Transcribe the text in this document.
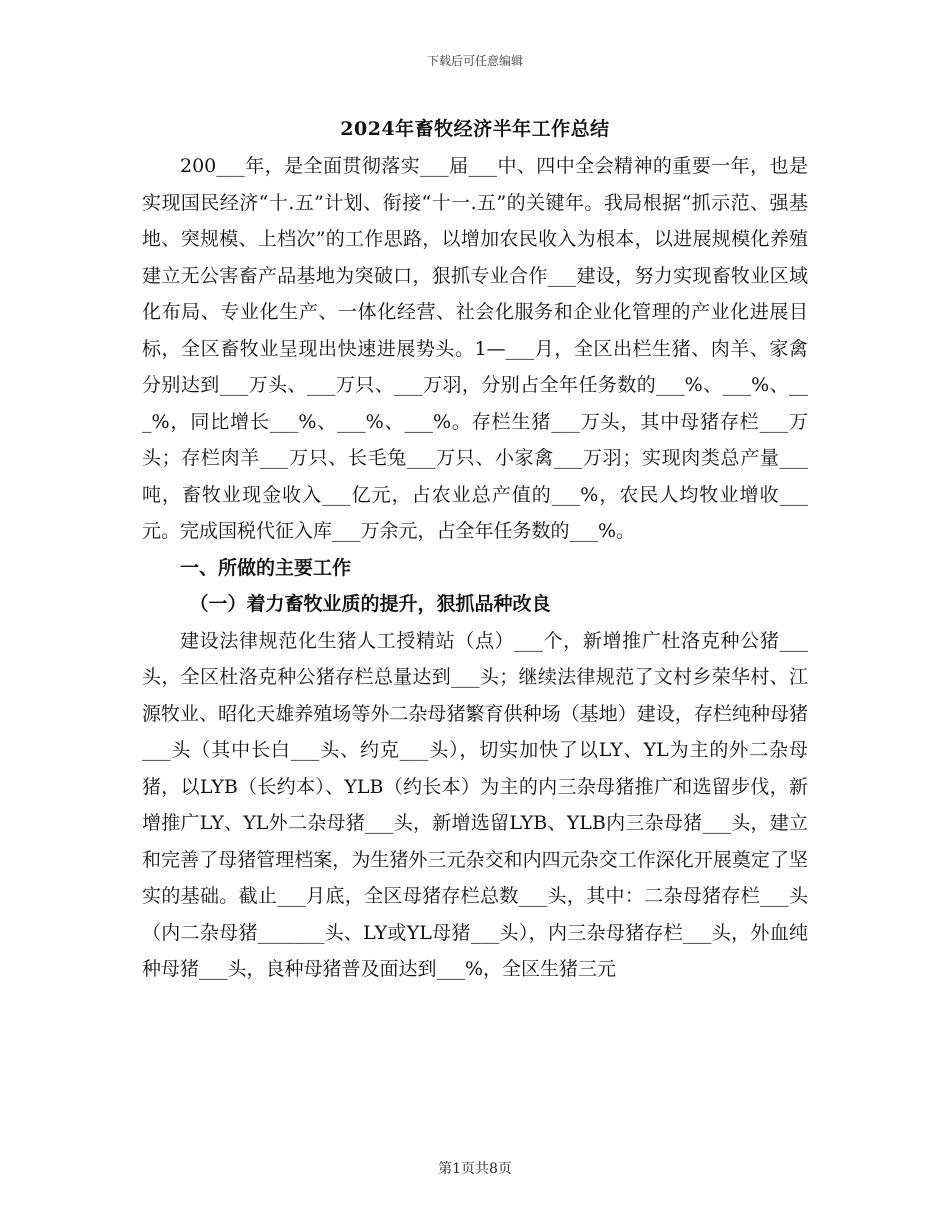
下载后可任意编辑
2024年畜牧经济半年工作总结

200___年，是全面贯彻落实___届___中、四中全会精神的重要一年，也是实现国民经济“十.五”计划、衔接“十一.五”的关键年。我局根据“抓示范、强基地、突规模、上档次”的工作思路，以增加农民收入为根本，以进展规模化养殖建立无公害畜产品基地为突破口，狠抓专业合作___建设，努力实现畜牧业区域化布局、专业化生产、一体化经营、社会化服务和企业化管理的产业化进展目标，全区畜牧业呈现出快速进展势头。1—___月，全区出栏生猪、肉羊、家禽分别达到___万头、___万只、___万羽，分别占全年任务数的___%、___%、___%，同比增长___%、___%、___%。存栏生猪___万头，其中母猪存栏___万头；存栏肉羊___万只、长毛兔___万只、小家禽___万羽；实现肉类总产量___吨，畜牧业现金收入___亿元，占农业总产值的___%，农民人均牧业增收___元。完成国税代征入库___万余元，占全年任务数的___%。

一、所做的主要工作
（一）着力畜牧业质的提升，狠抓品种改良

建设法律规范化生猪人工授精站（点）___个，新增推广杜洛克种公猪___头，全区杜洛克种公猪存栏总量达到___头；继续法律规范了文村乡荣华村、江源牧业、昭化天雄养殖场等外二杂母猪繁育供种场（基地）建设，存栏纯种母猪___头（其中长白___头、约克___头），切实加快了以LY、YL为主的外二杂母猪，以LYB（长约本）、YLB（约长本）为主的内三杂母猪推广和选留步伐，新增推广LY、YL外二杂母猪___头，新增选留LYB、YLB内三杂母猪___头，建立和完善了母猪管理档案，为生猪外三元杂交和内四元杂交工作深化开展奠定了坚实的基础。截止___月底，全区母猪存栏总数___头，其中：二杂母猪存栏___头（内二杂母猪_______头、LY或YL母猪___头），内三杂母猪存栏___头，外血纯种母猪___头，良种母猪普及面达到___%，全区生猪三元

第1页共8页
